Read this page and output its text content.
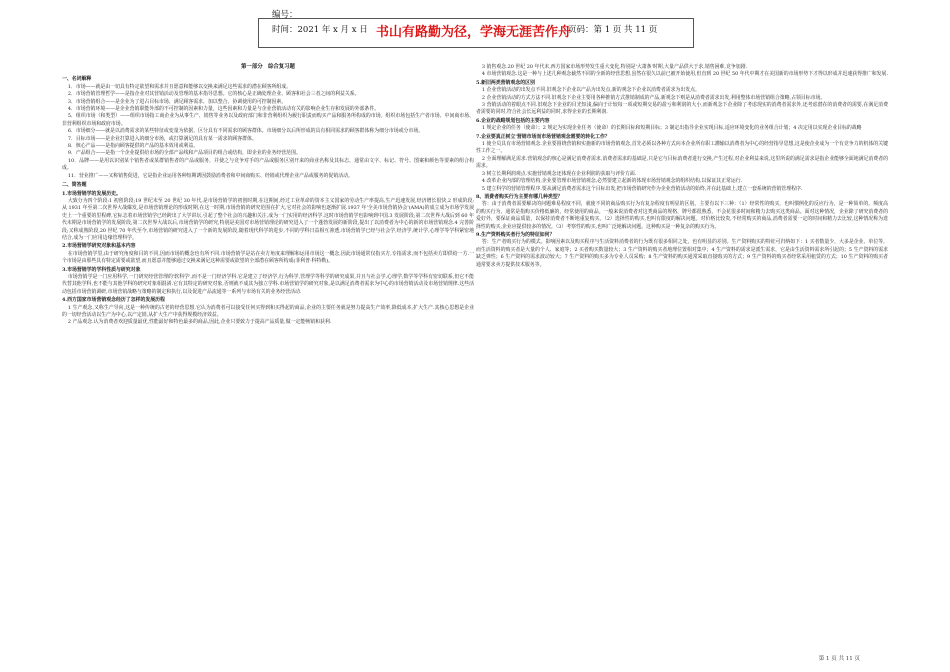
编号：
时间：2021 年 x 月 x 日 书山有路勤为径，学海无涯苦作舟
页码：第 1 页 共 11 页
第一部分　综合复习题
一、名词解释
1．市场——就是由一切具有特定欲望和需求并且愿意和能够以交换来满足这些需求的潜在顾客所组成。
2．市场营销管理哲学——是指企业对其营销活动及管理的基本指导思想。它的核心是正确处理企业、顾客和社会三者之间的利益关系。
3．市场营销组合——是企业为了进占目标市场、满足顾客需求，加以整合、协调使用的可控制因素。
4．市场营销环境——是企业营销职能外部的不可控制的因素和力量，这些因素和力量是与企业营销活动有关的影响企业生存和发展的外部条件。
5．组织市场（和类型）——组织市场指工商企业为从事生产、销售等业务以及政府部门和非营利组织为履行职责而购买产品和服务所构成的市场。组织市场包括生产者市场、中间商市场、非营利组织市场和政府市场。
6．市场细分——就是以消费需求的某些特征或变量为依据，区分具有不同需求的顾客群体。市场细分以后所形成的具有相同需求的顾客群体称为细分市场或分市场。
7．目标市场——是企业打算进入的细分市场，或打算满足的具有某一需求的顾客群体。
8．核心产品——是指向顾客提供的产品的基本效用或利益。
9．产品组合——是指一个企业提供给市场的全部产品线和产品项目的组合或结构，即企业的业务经营范围。
10．品牌——是用以识别某个销售者或某群销售者的产品或服务，并使之与竞争对手的产品或服务区别开来的商业名称及其标志，通常由文字、标记、符号、图案和颜色等要素的组合构成。
11．营业推广——又称销售促进，它是指企业运用各种短期诱因鼓励消费者和中间商购买、经销或代理企业产品或服务的促销活动。
二、简答题
1.市场营销学的发展历史。
大致分为四个阶段:1 初创阶段;19 世纪末至 20 世纪 30 年代,是市场营销学的初创时期,在这期间,经过工业革命的资本主义国家的劳动生产率提高,生产迅速发展,经济增长很快,2 形成阶段;从 1931 年至第二次世界大战爆发,是市场营销理论的形成时期,在这一时期,市场营销的研究范围在扩大,它对社会的影响也逐渐扩展.1937 年'全美市场营销协会'(AMA)的成立成为市场学发展史上一个重要的里程碑,它标志着市场营销学已经跨出了大学讲坛,引起了整个社会的兴趣和关注,成为一门实用的经济科学.这时市场营销学也影响到中国.3 发展阶段;第二次世界大战后到 60 年代末期是市场营销学的发展阶段,第二次世界大战以后,市场营销学的研究,特别是美国对市场营销理论的研究进入了一个蓬勃发展的新阶段,提出了以消费者为中心的新的市场营销观念.4 完善阶段;又称成熟阶段,20 世纪 70 年代至今,市场营销的研究进入了一个新的发展阶段,随着现代科学的进步,不同的学科日益相互渗透,市场营销学已经与社会学,经济学,统计学,心理学等学科紧密地结合,成为一门应用边缘管理科学。
2.市场营销学研究对象和基本内容
在市场营销学里,由于研究角度和目的不同,因而市场的概念也有所不同.市场营销学是站在卖方角度来理解和运用市场这一概念,因此市场通常仅指买方,专指需求,而不包括卖方即供给一方.一个市场是由那些具有特定需要或欲望,而且愿意并能够通过交换来满足这种需要或欲望的全部潜在顾客所构成(菲利普·科特勒)。
3.市场营销学的学科性质与研究对象
市场营销学是一门应用科学,一门研究经营管理的'软科学',而不是一门经济学科.它是建立了经济学,行为科学,管理学等科学的研究成果,并且与社会学,心理学,数学等学科有密切联系,但它不能代替其他学科,也不能与其他学科的研究对象相混淆.它有其特定的研究对象,否则就不成其为独立学科.市场营销学的研究对象,是以满足消费者需求为中心的市场营销活动及市场营销规律.这些活动包括市场营销调研,市场营销战略与策略的制定和执行,以及促进产品流通等一系列与市场有关的业务经营活动.
4.西方国家市场营销观念经历了怎样的发展历程
1 生产观念,又称生产导向,这是一种传统的古老的经营思想,它认为消费者可以接受任何买得到和买得起的商品,企业的主要任务就是努力提高生产效率,降低成本,扩大生产.其核心思想是企业的一切经营活动以生产为中心,以产定销,从扩大生产中获得规模经济效益。
2 产品观念.认为消费者欢迎质量最优,性能最好和特色最多的商品,因此,企业只要致力于提高产品质量,做一定能畅销和获利.
3 销售观念.20 世纪 20 年代末,西方国家市场形势发生重大变化,特别是'大萧条'时期,大量产品供大于求,销售困难,竞争加剧.
4 市场营销观念.这是一种与上述几种观念截然不同的全新的经营思想,虽然在很久以前已被开始使用,但直到 20 世纪 50 年代中期才在美国新的市场形势下才得以形成并迅速获得推广和发展.
5.新旧两类营销观念的区别
1 企业营销活动的出发点不同.旧观念下企业以产品为出发点,新的观念下企业以消费者需求为出发点。
2 企业营销活动的方式方法不同.旧观念下企业主要用各种推销方式推销制成的产品,新观念下则是从消费者需求出发,利用整体市场营销组合策略,占领目标市场。
3 营销活动的着眼点不同.旧观念下企业的目光短浅,偏向于计较每一项或短期交易的盈亏和利润的大小,而新观念下企业除了考虑现实的消费者需求外,还考虑潜在的消费者的需要,在满足消费者需要的同时,符合社会长远利益的同时,求得企业的长期利润.
6.企业的战略规划包括的主要内容
1 规定企业的任务（使命）；2 规定为实现企业任务（使命）的长期目标和短期目标；3 制定出指导企业实现目标,适应环境变化的业务组合计划；4 决定用以实现企业目标的战略
7.企业要真正树立'营销市场而市场营销观念需要的转化工作？
1 使全员具有市场营销观念.企业要围绕营销和实施新的市场营销观念,首先必须以各种方式向本企业所有职工灌输以消费者为中心的经营指导思想,这是使企业成为一个有竞争力的机体的关键性工作之一。
2 全面理解满足需求.营销观念的核心是满足消费者需求,消费者需求的基础是,只是它与目标消费者进行交换,产生过程,对企业利益来说,这里所说的满足需求是指企业能够全面地满足消费者的需求。
3 树立长期利润观点.实施营销观念还体现在企业利润的获取与评价方面.
4 改革企业内部的管理结构,企业要管理市场营销观念,必然要建立起新的体现市场营销观念的组织结构,以保证其正常运行.
5 建立科学的营销管理程序.要从满足消费者需求这个目标出发,把市场营销研究作为企业营销活动的始终,并在此基础上,建立一套系统的营销管理程序.
8、消费者购买行为主要有哪几种类型？
答：由于消费者需要解决的问题难易程度不同，就使不同的商品购买行为有复杂程度有明显的区别。主要有以下三种：（1）经常性的购买，也叫惯例化的反应行为，是一种简单的，频度高的购买行为，通常是指购买价格低廉的，经常使用的商品。一般来说消费者对这类商品的规格，牌号都很熟悉，不会花很多时间和精力去购买这类商品。面对这种情况，企业除了研究消费者的爱好外，要保证商品质量，以保持消费者不断地重复购买。（2）选择性的购买,也叫有限度的解决问题。对价格比较贵,不经常购买的商品,消费者需要一定的时间和精力去比较,这种情况称为选择性的购买,企业应提供较多的情况。（3）考察性的购买,也叫广泛地解决问题。这种购买是一种复杂的购买行为。
9.生产资料购买者行为的特征如何？
答：生产者购买行为的模式。影响因素以及购买程序与生活资料消费者的行为既有很多相同之处，也有明显的差别。生产资料购买的特征可归纳如下：1 买者数量少，大多是企业、单位等，而生活资料的购买者是大量的个人、家庭等；2 买者购买数量较大；3 生产资料的购买者地理位置相对集中；4 生产资料的需求是派生需求，它是由生活资料需求所引起的；5 生产资料的需求缺乏弹性；6 生产资料的需求波动较大；7 生产资料的购买多为专业人员采购；8 生产资料的购买通常采取直接购买的方式；9 生产资料的购买者经常采用租赁的方式；10 生产资料的购买者通常要求卖方提供技术服务等。
第 1 页 共 11 页
